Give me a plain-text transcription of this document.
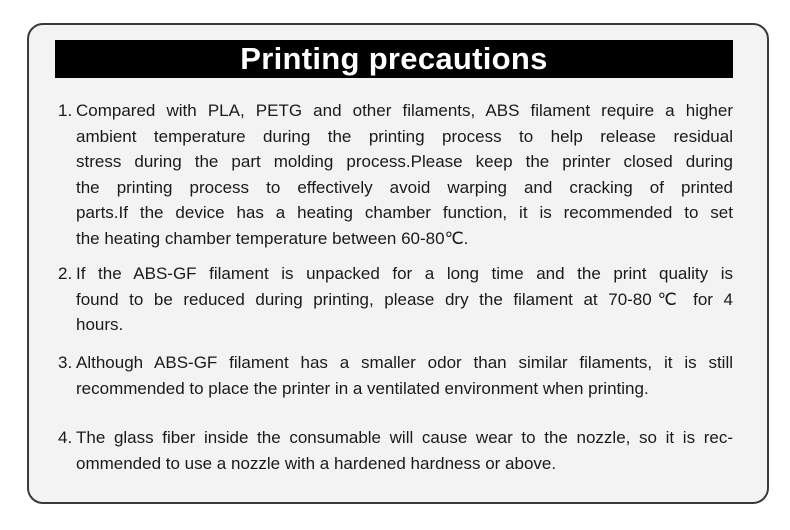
Printing precautions
1. Compared with PLA, PETG and other filaments, ABS filament require a higher
ambient temperature during the printing process to help release residual
stress during the part molding process.Please keep the printer closed during
the printing process to effectively avoid warping and cracking of printed
parts.If the device has a heating chamber function, it is recommended to set
the heating chamber temperature between 60-80℃.
2. If the ABS-GF filament is unpacked for a long time and the print quality is
found to be reduced during printing, please dry the filament at 70-80℃ for 4
hours.
3. Although ABS-GF filament has a smaller odor than similar filaments, it is still
recommended to place the printer in a ventilated environment when printing.
4. The glass fiber inside the consumable will cause wear to the nozzle, so it is rec-
ommended to use a nozzle with a hardened hardness or above.
